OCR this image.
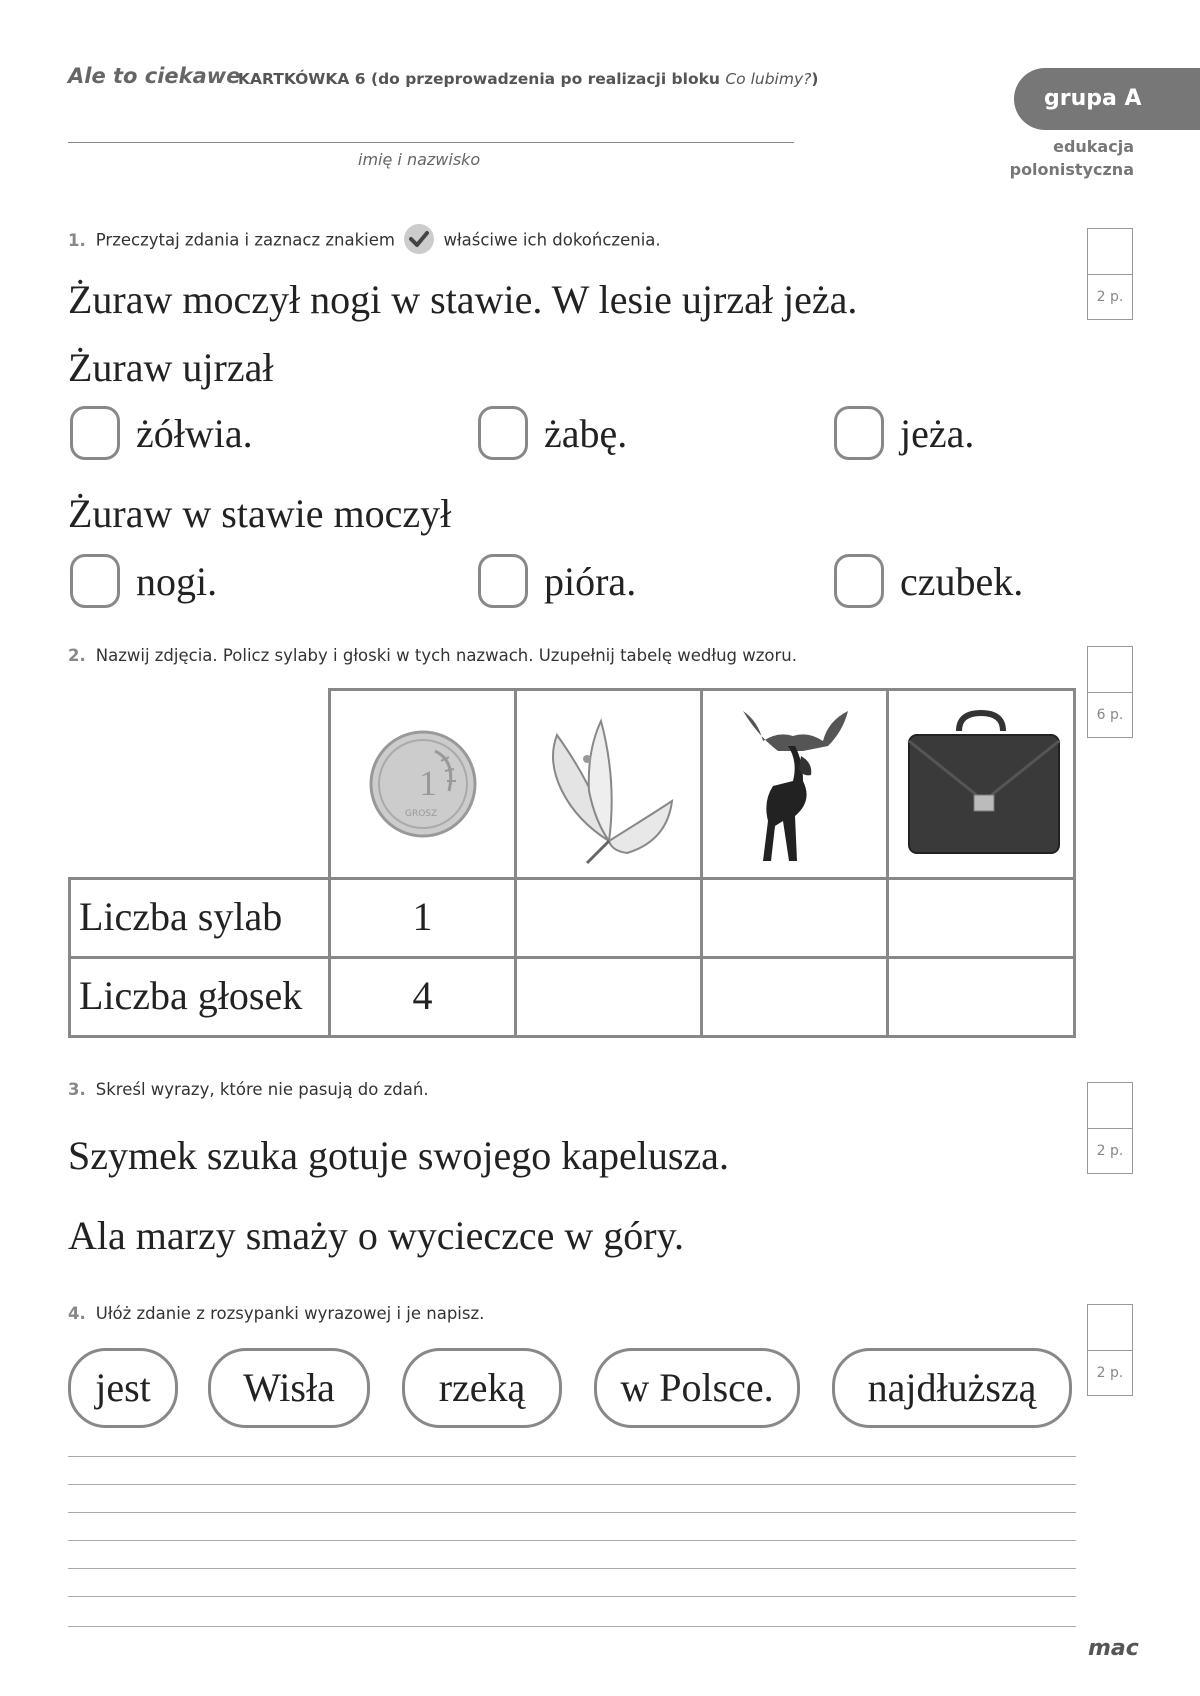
Ale to ciekawe
KARTKÓWKA 6 (do przeprowadzenia po realizacji bloku Co lubimy?)
imię i nazwisko
grupa A
edukacja
polonistyczna
1. Przeczytaj zdania i zaznacz znakiem	właściwe ich dokończenia.
2 p.
Żuraw moczył nogi w stawie. W lesie ujrzał jeża.
Żuraw ujrzał
żółwia.	żabę.	jeża.
Żuraw w stawie moczył
nogi.	pióra.	czubek.
2. Nazwij zdjęcia. Policz sylaby i głoski w tych nazwach. Uzupełnij tabelę według wzoru.
6 p.
1
GROSZ
Liczba sylab	1
Liczba głosek	4
3. Skreśl wyrazy, które nie pasują do zdań.
2 p.
Szymek szuka gotuje swojego kapelusza.
Ala marzy smaży o wycieczce w góry.
4. Ułóż zdanie z rozsypanki wyrazowej i je napisz.
2 p.
jest	Wisła	rzeką	w Polsce.	najdłuższą
mac
